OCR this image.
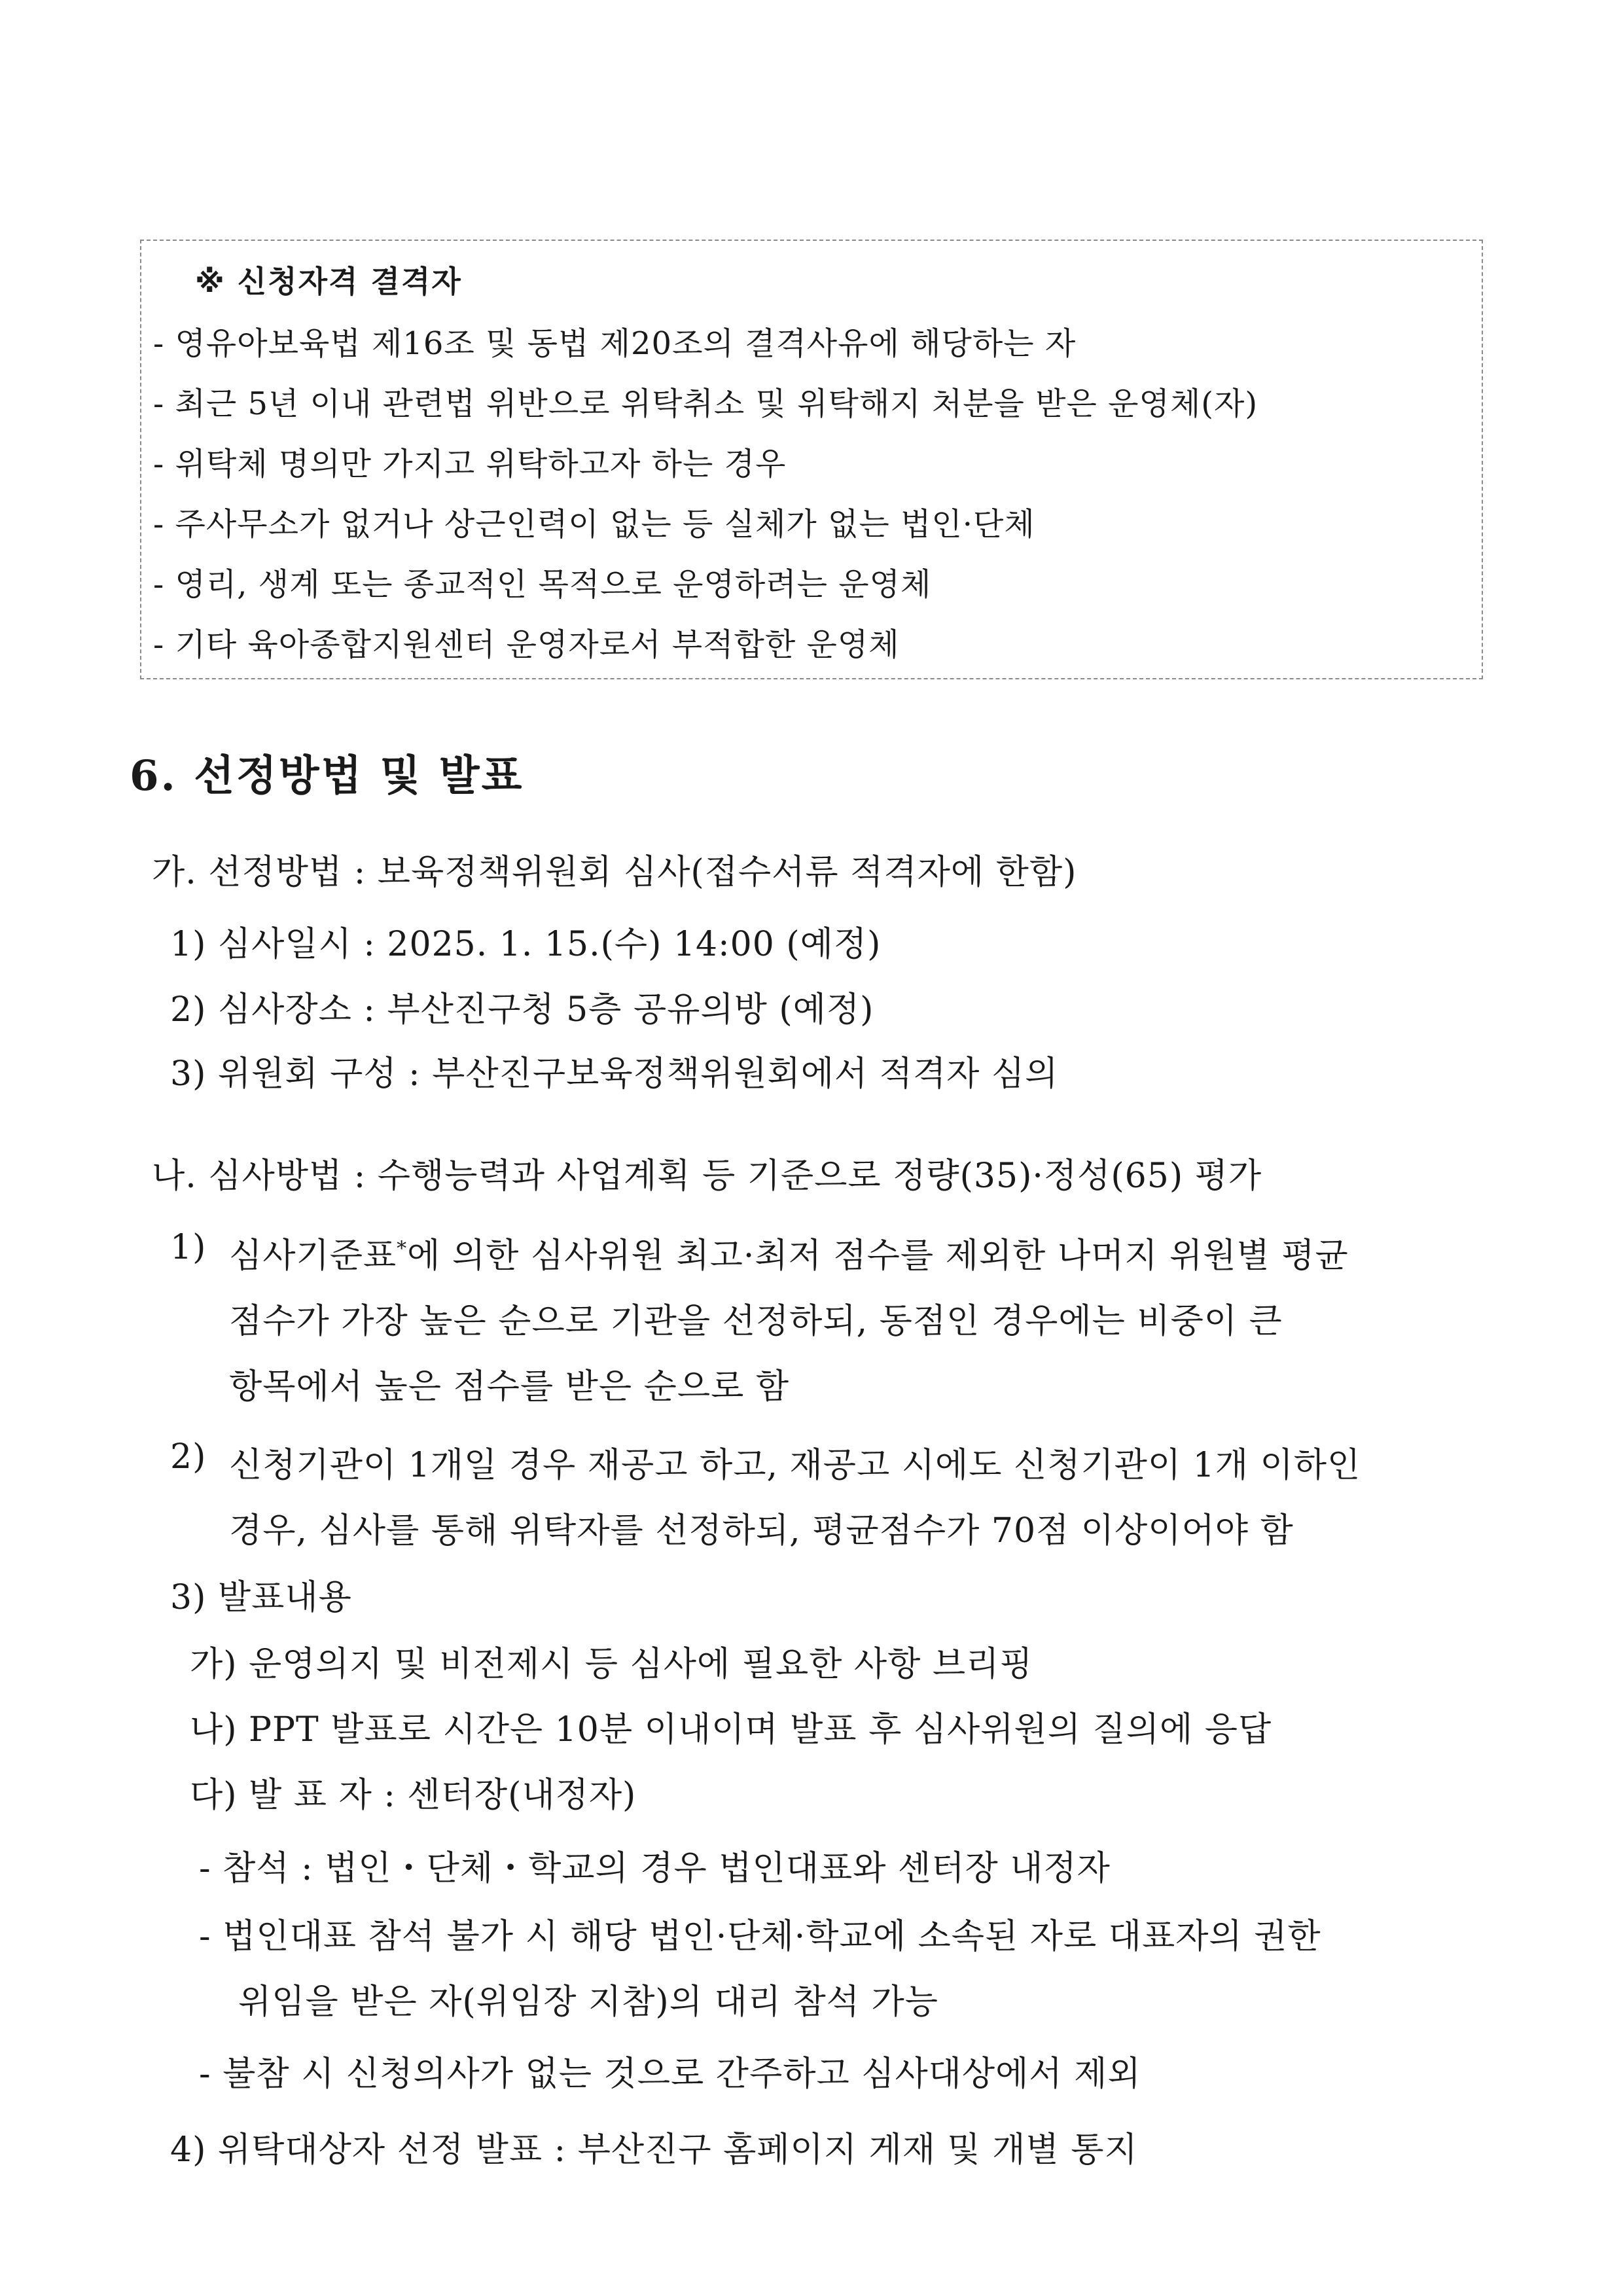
※ 신청자격 결격자
- 영유아보육법 제16조 및 동법 제20조의 결격사유에 해당하는 자
- 최근 5년 이내 관련법 위반으로 위탁취소 및 위탁해지 처분을 받은 운영체(자)
- 위탁체 명의만 가지고 위탁하고자 하는 경우
- 주사무소가 없거나 상근인력이 없는 등 실체가 없는 법인·단체
- 영리, 생계 또는 종교적인 목적으로 운영하려는 운영체
- 기타 육아종합지원센터 운영자로서 부적합한 운영체
6. 선정방법 및 발표
가. 선정방법 : 보육정책위원회 심사(접수서류 적격자에 한함)
1) 심사일시 : 2025. 1. 15.(수) 14:00 (예정)
2) 심사장소 : 부산진구청 5층 공유의방 (예정)
3) 위원회 구성 : 부산진구보육정책위원회에서 적격자 심의
나. 심사방법 : 수행능력과 사업계획 등 기준으로 정량(35)·정성(65) 평가
1) 심사기준표*에 의한 심사위원 최고·최저 점수를 제외한 나머지 위원별 평균
점수가 가장 높은 순으로 기관을 선정하되, 동점인 경우에는 비중이 큰
항목에서 높은 점수를 받은 순으로 함
2) 신청기관이 1개일 경우 재공고 하고, 재공고 시에도 신청기관이 1개 이하인
경우, 심사를 통해 위탁자를 선정하되, 평균점수가 70점 이상이어야 함
3) 발표내용
가) 운영의지 및 비전제시 등 심사에 필요한 사항 브리핑
나) PPT 발표로 시간은 10분 이내이며 발표 후 심사위원의 질의에 응답
다) 발 표 자 : 센터장(내정자)
- 참석 : 법인・단체・학교의 경우 법인대표와 센터장 내정자
- 법인대표 참석 불가 시 해당 법인·단체·학교에 소속된 자로 대표자의 권한
위임을 받은 자(위임장 지참)의 대리 참석 가능
- 불참 시 신청의사가 없는 것으로 간주하고 심사대상에서 제외
4) 위탁대상자 선정 발표 : 부산진구 홈페이지 게재 및 개별 통지
